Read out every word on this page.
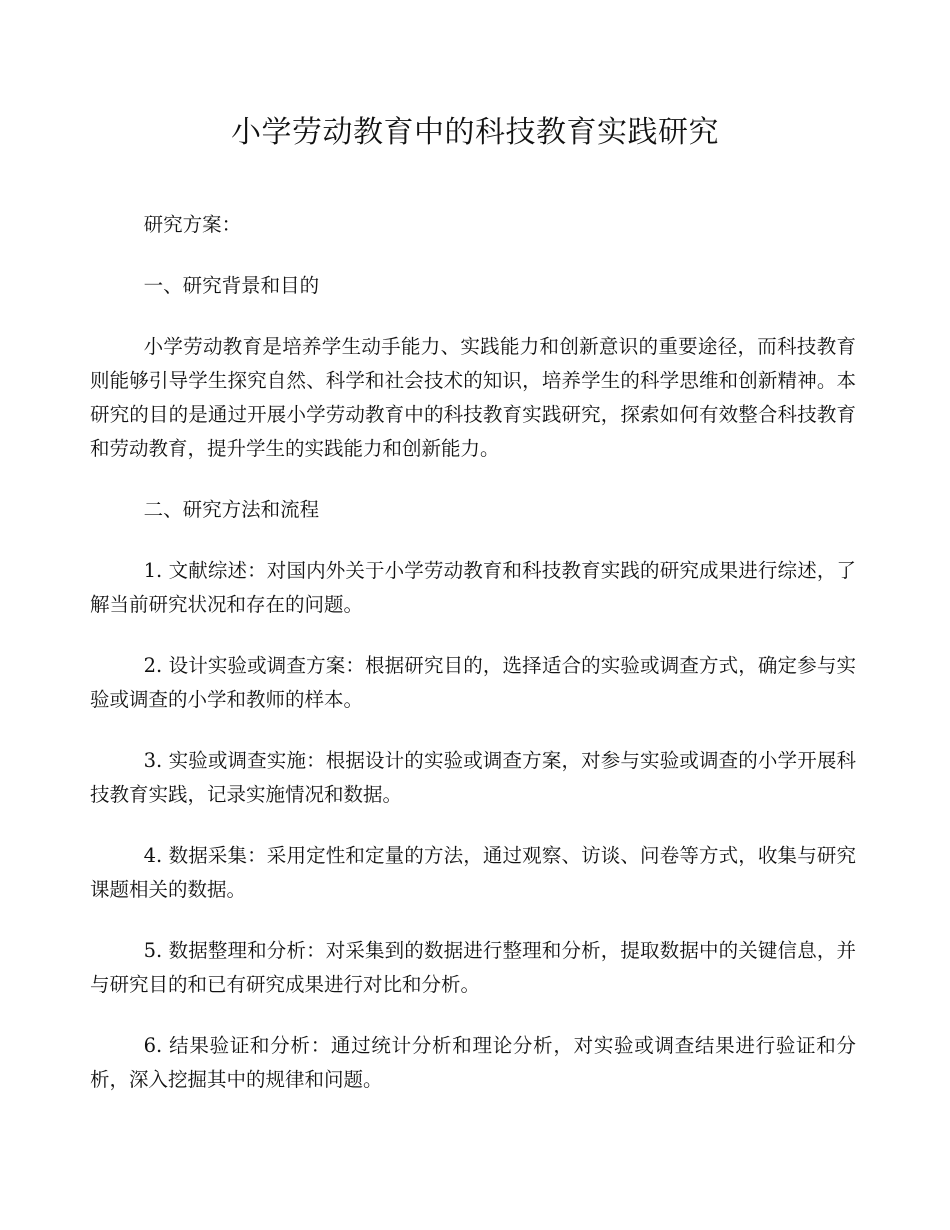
小学劳动教育中的科技教育实践研究

研究方案：

一、研究背景和目的

小学劳动教育是培养学生动手能力、实践能力和创新意识的重要途径，而科技教育则能够引导学生探究自然、科学和社会技术的知识，培养学生的科学思维和创新精神。本研究的目的是通过开展小学劳动教育中的科技教育实践研究，探索如何有效整合科技教育和劳动教育，提升学生的实践能力和创新能力。

二、研究方法和流程

1. 文献综述：对国内外关于小学劳动教育和科技教育实践的研究成果进行综述，了解当前研究状况和存在的问题。

2. 设计实验或调查方案：根据研究目的，选择适合的实验或调查方式，确定参与实验或调查的小学和教师的样本。

3. 实验或调查实施：根据设计的实验或调查方案，对参与实验或调查的小学开展科技教育实践，记录实施情况和数据。

4. 数据采集：采用定性和定量的方法，通过观察、访谈、问卷等方式，收集与研究课题相关的数据。

5. 数据整理和分析：对采集到的数据进行整理和分析，提取数据中的关键信息，并与研究目的和已有研究成果进行对比和分析。

6. 结果验证和分析：通过统计分析和理论分析，对实验或调查结果进行验证和分析，深入挖掘其中的规律和问题。
